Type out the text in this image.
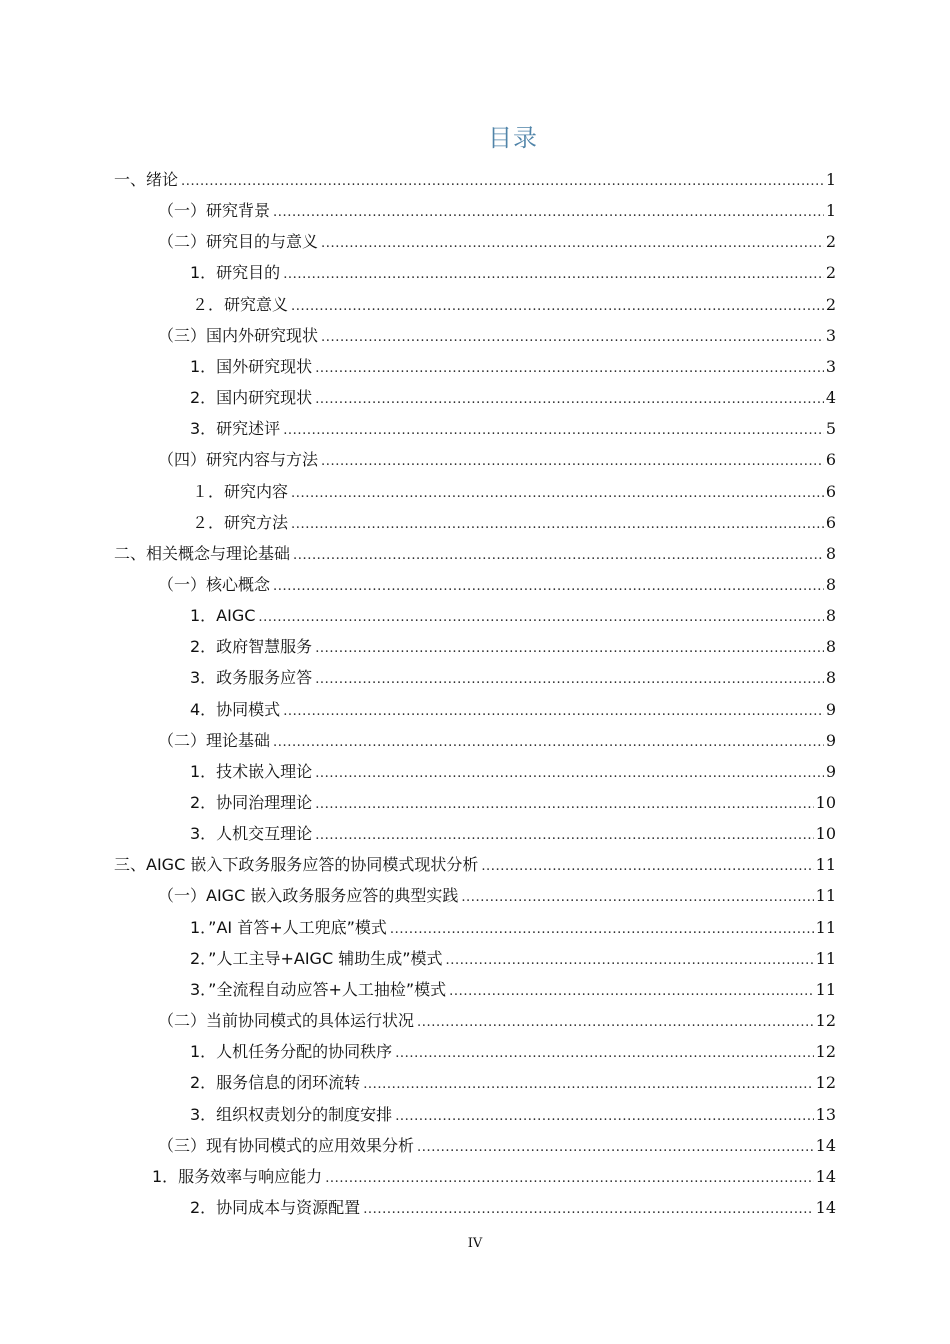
目录
一、绪论 .....	1
（一）研究背景 .....	1
（二）研究目的与意义 .....	2
1．研究目的 .....	2
２．研究意义 .....	2
（三）国内外研究现状 .....	3
1．国外研究现状 .....	3
2．国内研究现状 .....	4
3．研究述评 .....	5
（四）研究内容与方法 .....	6
１．研究内容 .....	6
２．研究方法 .....	6
二、相关概念与理论基础 .....	8
（一）核心概念 .....	8
1．AIGC .....	8
2．政府智慧服务 .....	8
3．政务服务应答 .....	8
4．协同模式 .....	9
（二）理论基础 .....	9
1．技术嵌入理论 .....	9
2．协同治理理论 .....	10
3．人机交互理论 .....	10
三、AIGC 嵌入下政务服务应答的协同模式现状分析 .....	11
（一）AIGC 嵌入政务服务应答的典型实践 .....	11
1．”AI 首答+人工兜底”模式 .....	11
2．”人工主导+AIGC 辅助生成”模式 .....	11
3．”全流程自动应答+人工抽检”模式 .....	11
（二）当前协同模式的具体运行状况 .....	12
1．人机任务分配的协同秩序 .....	12
2．服务信息的闭环流转 .....	12
3．组织权责划分的制度安排 .....	13
（三）现有协同模式的应用效果分析 .....	14
1．服务效率与响应能力 .....	14
2．协同成本与资源配置 .....	14
IV
